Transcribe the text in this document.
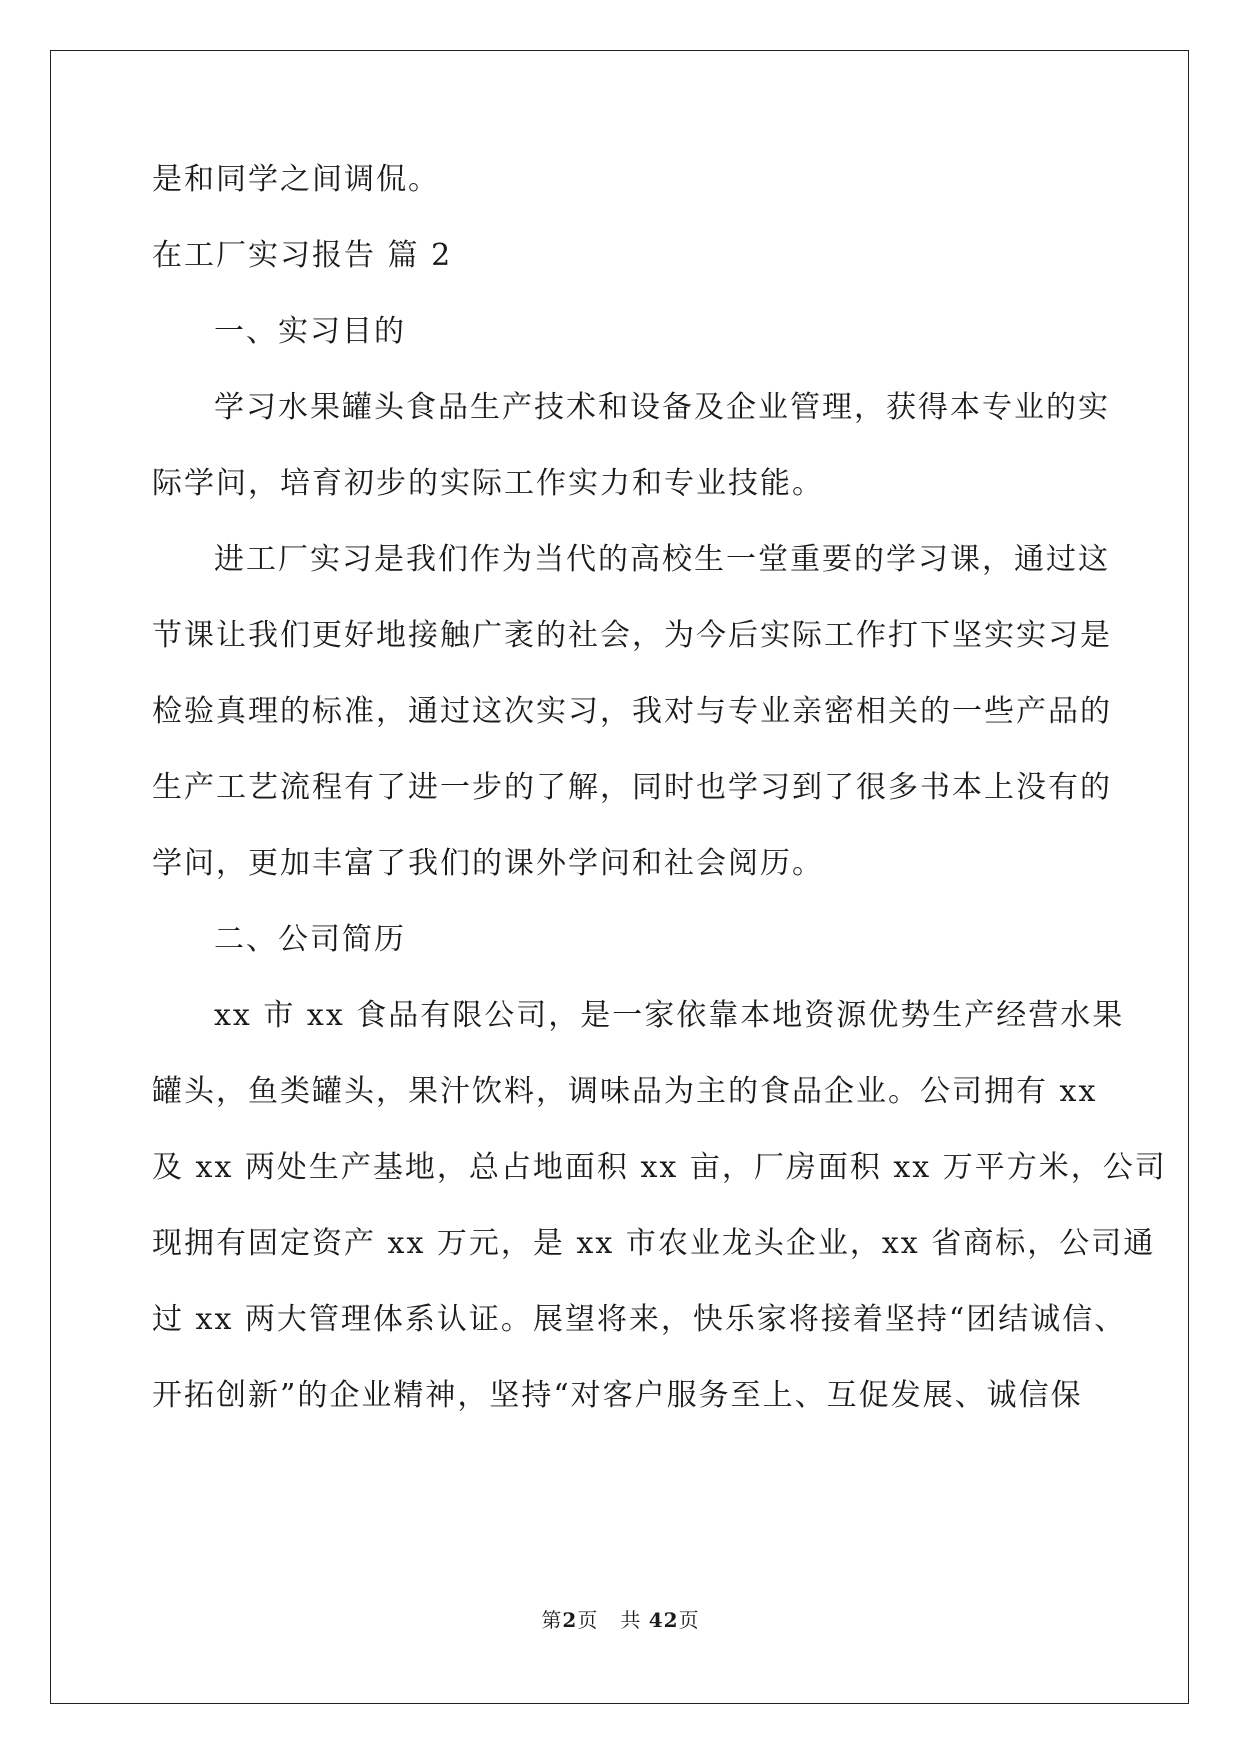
是和同学之间调侃。
在工厂实习报告 篇 2
一、实习目的
学习水果罐头食品生产技术和设备及企业管理，获得本专业的实
际学问，培育初步的实际工作实力和专业技能。
进工厂实习是我们作为当代的高校生一堂重要的学习课，通过这
节课让我们更好地接触广袤的社会，为今后实际工作打下坚实实习是
检验真理的标准，通过这次实习，我对与专业亲密相关的一些产品的
生产工艺流程有了进一步的了解，同时也学习到了很多书本上没有的
学问，更加丰富了我们的课外学问和社会阅历。
二、公司简历
xx 市 xx 食品有限公司，是一家依靠本地资源优势生产经营水果
罐头，鱼类罐头，果汁饮料，调味品为主的食品企业。公司拥有 xx
及 xx 两处生产基地，总占地面积 xx 亩，厂房面积 xx 万平方米，公司
现拥有固定资产 xx 万元，是 xx 市农业龙头企业，xx 省商标，公司通
过 xx 两大管理体系认证。展望将来，快乐家将接着坚持“团结诚信、
开拓创新”的企业精神，坚持“对客户服务至上、互促发展、诚信保
第2页 共 42页
